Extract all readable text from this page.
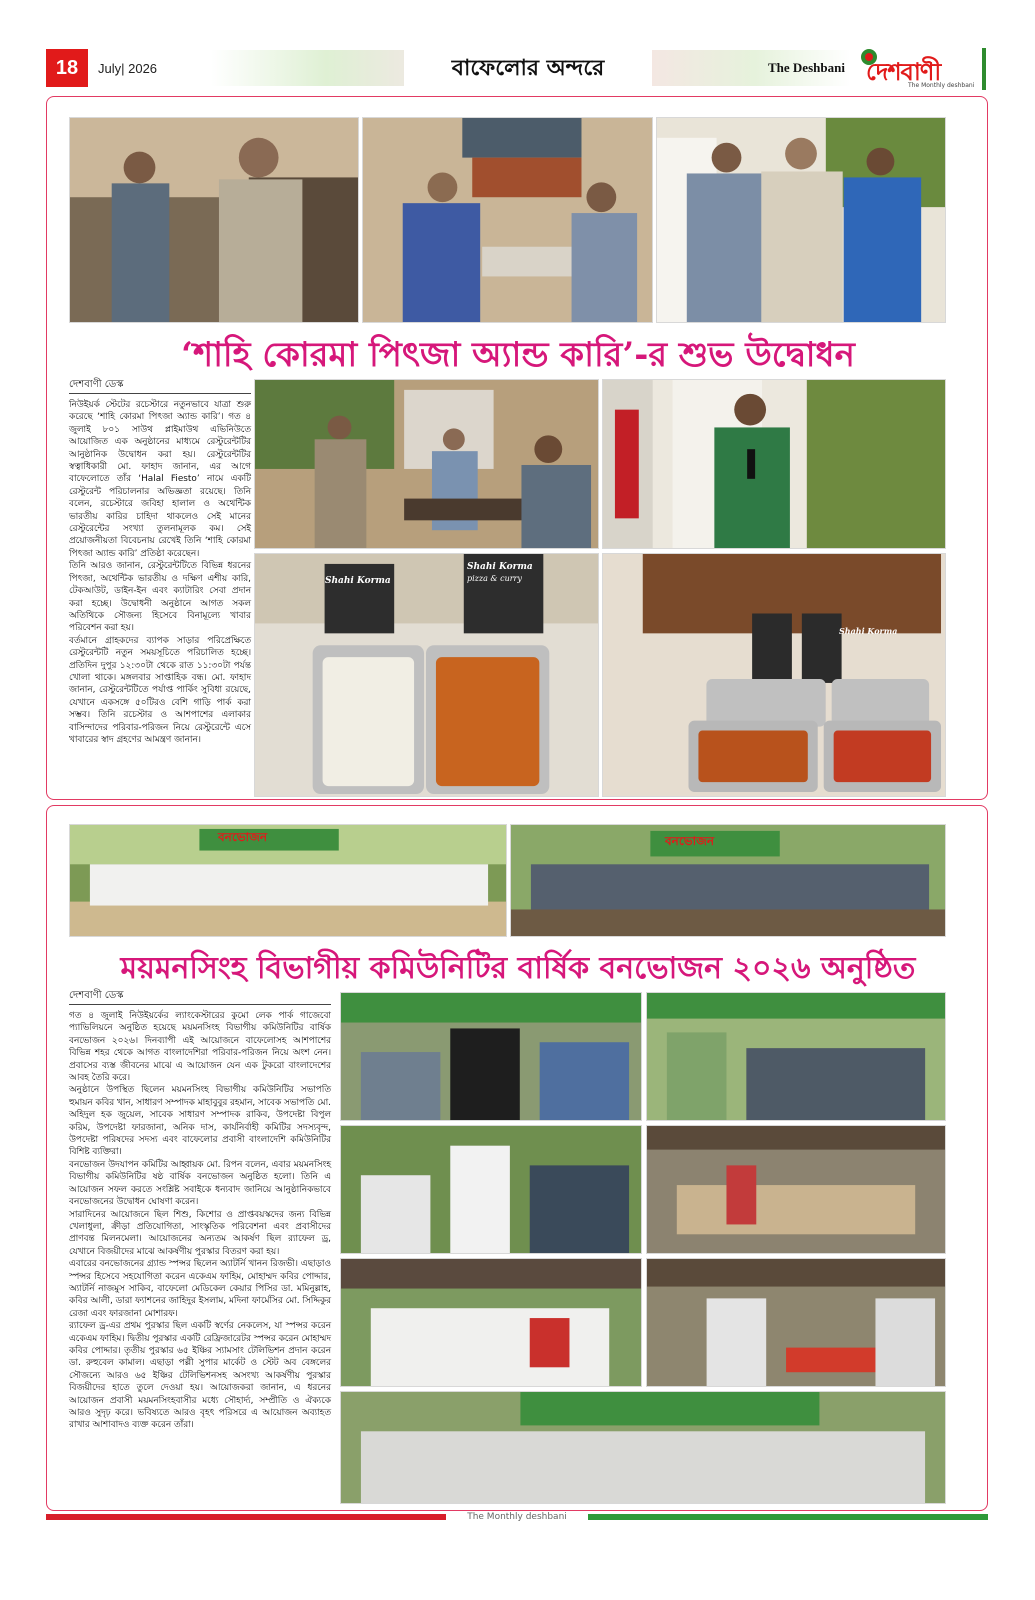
18	July| 2026	বাফেলোর অন্দরে	The Deshbani দেশবাণী
The Monthly deshbani
‘শাহি কোরমা পিৎজা অ্যান্ড কারি’-র শুভ উদ্বোধন
দেশবাণী ডেস্ক

নিউইয়র্ক স্টেটের রচেস্টারে নতুনভাবে যাত্রা শুরু করেছে ‘শাহি কোরমা পিৎজা অ্যান্ড কারি’। গত ৪ জুলাই ৮০১ সাউথ প্লাইমাউথ এভিনিউতে আয়োজিত এক অনুষ্ঠানের মাধ্যমে রেস্টুরেন্টটির আনুষ্ঠানিক উদ্বোধন করা হয়। রেস্টুরেন্টটির স্বত্বাধিকারী মো. ফাহাদ জানান, এর আগে বাফেলোতে তাঁর ‘Halal Fiesto’ নামে একটি রেস্টুরেন্ট পরিচালনার অভিজ্ঞতা রয়েছে। তিনি বলেন, রচেস্টারে জবিহা হালাল ও অথেন্টিক ভারতীয় কারির চাহিদা থাকলেও সেই মানের রেস্টুরেন্টের সংখ্যা তুলনামূলক কম। সেই প্রয়োজনীয়তা বিবেচনায় রেখেই তিনি ‘শাহি কোরমা পিৎজা অ্যান্ড কারি’ প্রতিষ্ঠা করেছেন।

তিনি আরও জানান, রেস্টুরেন্টটিতে বিভিন্ন ধরনের পিৎজা, অথেন্টিক ভারতীয় ও দক্ষিণ এশীয় কারি, টেকআউট, ডাইন-ইন এবং ক্যাটারিং সেবা প্রদান করা হচ্ছে। উদ্বোধনী অনুষ্ঠানে আগত সকল অতিথিকে সৌজন্য হিসেবে বিনামূল্যে খাবার পরিবেশন করা হয়।

বর্তমানে গ্রাহকদের ব্যাপক সাড়ার পরিপ্রেক্ষিতে রেস্টুরেন্টটি নতুন সময়সূচিতে পরিচালিত হচ্ছে। প্রতিদিন দুপুর ১২:৩০টা থেকে রাত ১১:৩০টা পর্যন্ত খোলা থাকে। মঙ্গলবার সাপ্তাহিক বন্ধ। মো. ফাহাদ জানান, রেস্টুরেন্টটিতে পর্যাপ্ত পার্কিং সুবিধা রয়েছে, যেখানে একসঙ্গে ৫০টিরও বেশি গাড়ি পার্ক করা সম্ভব। তিনি রচেস্টার ও আশপাশের এলাকার বাসিন্দাদের পরিবার-পরিজন নিয়ে রেস্টুরেন্টে এসে খাবারের স্বাদ গ্রহণের আমন্ত্রণ জানান।

Shahi Korma
Shahi Korma
pizza & curry
Shahi Korma
বনভোজন	বনভোজন
ময়মনসিংহ বিভাগীয় কমিউনিটির বার্ষিক বনভোজন ২০২৬ অনুষ্ঠিত
দেশবাণী ডেস্ক

গত ৪ জুলাই নিউইয়র্কের ল্যাংকেস্টারের কুমো লেক পার্ক গাজেবো প্যাভিলিয়নে অনুষ্ঠিত হয়েছে ময়মনসিংহ বিভাগীয় কমিউনিটির বার্ষিক বনভোজন ২০২৬। দিনব্যাপী এই আয়োজনে বাফেলোসহ আশপাশের বিভিন্ন শহর থেকে আগত বাংলাদেশিরা পরিবার-পরিজন নিয়ে অংশ নেন। প্রবাসের ব্যস্ত জীবনের মাঝে এ আয়োজন যেন এক টুকরো বাংলাদেশের আবহ তৈরি করে।

অনুষ্ঠানে উপস্থিত ছিলেন ময়মনসিংহ বিভাগীয় কমিউনিটির সভাপতি হুমায়ন কবির খান, সাধারণ সম্পাদক মাহাবুবুর রহমান, সাবেক সভাপতি মো. অহিদুল হক জুয়েল, সাবেক সাধারণ সম্পাদক রাকিব, উপদেষ্টা বিপুল করিম, উপদেষ্টা ফারজানা, অনিক দাস, কার্যনির্বাহী কমিটির সদস্যবৃন্দ, উপদেষ্টা পরিষদের সদস্য এবং বাফেলোর প্রবাসী বাংলাদেশি কমিউনিটির বিশিষ্ট ব্যক্তিরা।

বনভোজন উদযাপন কমিটির আহ্বায়ক মো. রিপন বলেন, এবার ময়মনসিংহ বিভাগীয় কমিউনিটির ষষ্ঠ বার্ষিক বনভোজন অনুষ্ঠিত হলো। তিনি এ আয়োজন সফল করতে সংশ্লিষ্ট সবাইকে ধন্যবাদ জানিয়ে আনুষ্ঠানিকভাবে বনভোজনের উদ্বোধন ঘোষণা করেন।

সারাদিনের আয়োজনে ছিল শিশু, কিশোর ও প্রাপ্তবয়স্কদের জন্য বিভিন্ন খেলাধুলা, ক্রীড়া প্রতিযোগিতা, সাংস্কৃতিক পরিবেশনা এবং প্রবাসীদের প্রাণবন্ত মিলনমেলা। আয়োজনের অন্যতম আকর্ষণ ছিল র‍্যাফেল ড্র, যেখানে বিজয়ীদের মাঝে আকর্ষণীয় পুরস্কার বিতরণ করা হয়।

এবারের বনভোজনের গ্র্যান্ড স্পন্সর ছিলেন অ্যাটর্নি খানন রিজভী। এছাড়াও স্পন্সর হিসেবে সহযোগিতা করেন একেএম ফাহিম, মোহাম্মদ কবির পোদ্দার, অ্যাটর্নি নাজমুস সাকিব, বাফেলো মেডিকেল কেয়ার পিসির ডা. মমিনুল্লাহ, কবির আলী, ডারা ফ্যাশনের জাহিদুর ইসলাম, মদিনা ফার্মেসির মো. সিদ্দিকুর রেজা এবং ফারজানা মোশারফ।

র‍্যাফেল ড্র-এর প্রথম পুরস্কার ছিল একটি স্বর্ণের নেকলেস, যা স্পন্সর করেন একেএম ফাহিম। দ্বিতীয় পুরস্কার একটি রেফ্রিজারেটর স্পন্সর করেন মোহাম্মদ কবির পোদ্দার। তৃতীয় পুরস্কার ৬৫ ইঞ্চির স্যামসাং টেলিভিশন প্রদান করেন ডা. রুহুবেল কামাল। এছাড়া পল্লী সুপার মার্কেট ও স্টেট অব বেঙ্গলের সৌজন্যে আরও ৬৫ ইঞ্চির টেলিভিশনসহ অসংখ্য আকর্ষণীয় পুরস্কার বিজয়ীদের হাতে তুলে দেওয়া হয়। আয়োজকরা জানান, এ ধরনের আয়োজন প্রবাসী ময়মনসিংহবাসীর মধ্যে সৌহার্দ্য, সম্প্রীতি ও ঐক্যকে আরও সুদৃঢ় করে। ভবিষ্যতে আরও বৃহৎ পরিসরে এ আয়োজন অব্যাহত রাখার আশাবাদও ব্যক্ত করেন তাঁরা।

The Monthly deshbani
